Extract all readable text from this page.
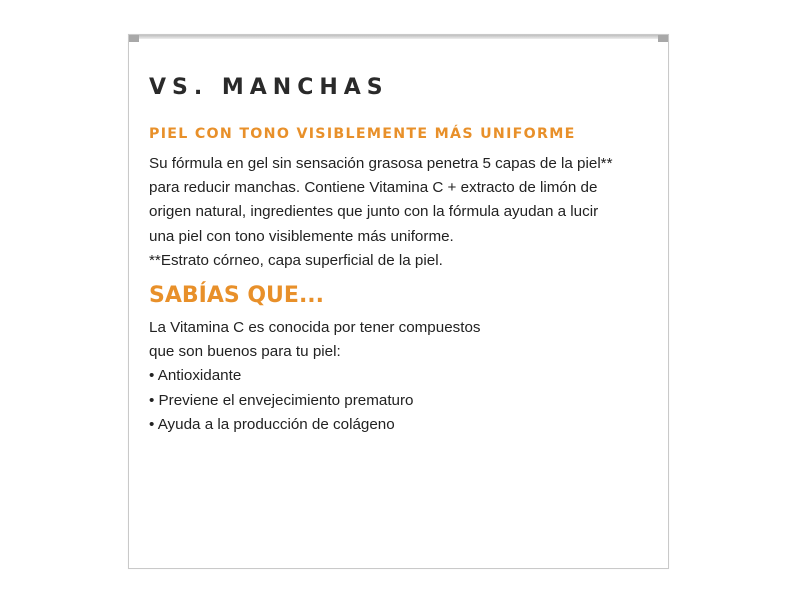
VS. MANCHAS
PIEL CON TONO VISIBLEMENTE MÁS UNIFORME

Su fórmula en gel sin sensación grasosa penetra 5 capas de la piel**
para reducir manchas. Contiene Vitamina C + extracto de limón de
origen natural, ingredientes que junto con la fórmula ayudan a lucir
una piel con tono visiblemente más uniforme.
**Estrato córneo, capa superficial de la piel.

SABÍAS QUE...

La Vitamina C es conocida por tener compuestos
que son buenos para tu piel:

• Antioxidante
• Previene el envejecimiento prematuro
• Ayuda a la producción de colágeno
